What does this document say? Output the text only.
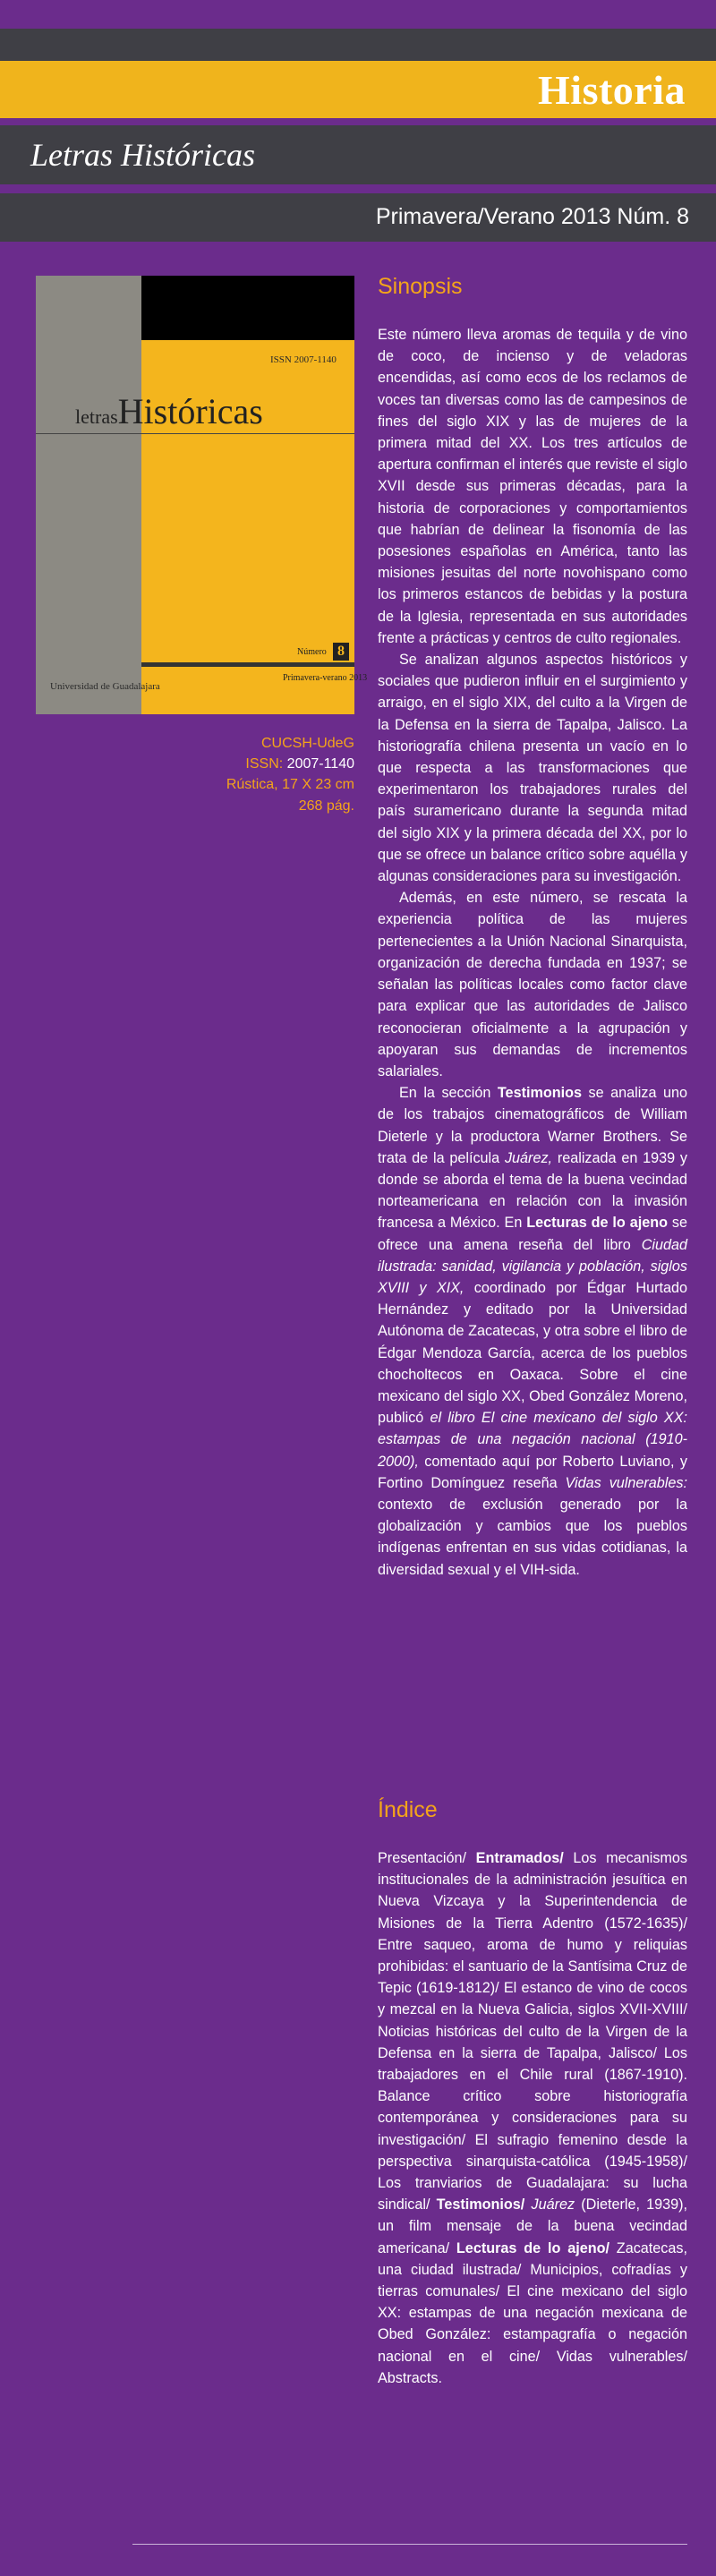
Historia
Letras Históricas
Primavera/Verano 2013 Núm. 8
ISSN 2007-1140
letrasHistóricas
Número 8
Universidad de Guadalajara
Primavera-verano 2013
CUCSH-UdeG
ISSN: 2007-1140
Rústica, 17 X 23 cm
268 pág.
Sinopsis

Este número lleva aromas de tequila y de vino de coco, de incienso y de veladoras encendidas, así como ecos de los reclamos de voces tan diversas como las de campesinos de fines del siglo XIX y las de mujeres de la primera mitad del XX. Los tres artículos de apertura confirman el interés que reviste el siglo XVII desde sus primeras décadas, para la historia de corporaciones y comportamientos que habrían de delinear la fisonomía de las posesiones españolas en América, tanto las misiones jesuitas del norte novohispano como los primeros estancos de bebidas y la postura de la Iglesia, representada en sus autoridades frente a prácticas y centros de culto regionales.

Se analizan algunos aspectos históricos y sociales que pudieron influir en el surgimiento y arraigo, en el siglo XIX, del culto a la Virgen de la Defensa en la sierra de Tapalpa, Jalisco. La historiografía chilena presenta un vacío en lo que respecta a las transformaciones que experimentaron los trabajadores rurales del país suramericano durante la segunda mitad del siglo XIX y la primera década del XX, por lo que se ofrece un balance crítico sobre aquélla y algunas consideraciones para su investigación.

Además, en este número, se rescata la experiencia política de las mujeres pertenecientes a la Unión Nacional Sinarquista, organización de derecha fundada en 1937; se señalan las políticas locales como factor clave para explicar que las autoridades de Jalisco reconocieran oficialmente a la agrupación y apoyaran sus demandas de incrementos salariales.

En la sección Testimonios se analiza uno de los trabajos cinematográficos de William Dieterle y la productora Warner Brothers. Se trata de la película Juárez, realizada en 1939 y donde se aborda el tema de la buena vecindad norteamericana en relación con la invasión francesa a México. En Lecturas de lo ajeno se ofrece una amena reseña del libro Ciudad ilustrada: sanidad, vigilancia y población, siglos XVIII y XIX, coordinado por Édgar Hurtado Hernández y editado por la Universidad Autónoma de Zacatecas, y otra sobre el libro de Édgar Mendoza García, acerca de los pueblos chocholtecos en Oaxaca. Sobre el cine mexicano del siglo XX, Obed González Moreno, publicó el libro El cine mexicano del siglo XX: estampas de una negación nacional (1910-2000), comentado aquí por Roberto Luviano, y Fortino Domínguez reseña Vidas vulnerables: contexto de exclusión generado por la globalización y cambios que los pueblos indígenas enfrentan en sus vidas cotidianas, la diversidad sexual y el VIH-sida.

Índice

Presentación/ Entramados/ Los mecanismos institucionales de la administración jesuítica en Nueva Vizcaya y la Superintendencia de Misiones de la Tierra Adentro (1572-1635)/ Entre saqueo, aroma de humo y reliquias prohibidas: el santuario de la Santísima Cruz de Tepic (1619-1812)/ El estanco de vino de cocos y mezcal en la Nueva Galicia, siglos XVII-XVIII/ Noticias históricas del culto de la Virgen de la Defensa en la sierra de Tapalpa, Jalisco/ Los trabajadores en el Chile rural (1867-1910). Balance crítico sobre historiografía contemporánea y consideraciones para su investigación/ El sufragio femenino desde la perspectiva sinarquista-católica (1945-1958)/ Los tranviarios de Guadalajara: su lucha sindical/ Testimonios/ Juárez (Dieterle, 1939), un film mensaje de la buena vecindad americana/ Lecturas de lo ajeno/ Zacatecas, una ciudad ilustrada/ Municipios, cofradías y tierras comunales/ El cine mexicano del siglo XX: estampas de una negación mexicana de Obed González: estampagrafía o negación nacional en el cine/ Vidas vulnerables/ Abstracts.
